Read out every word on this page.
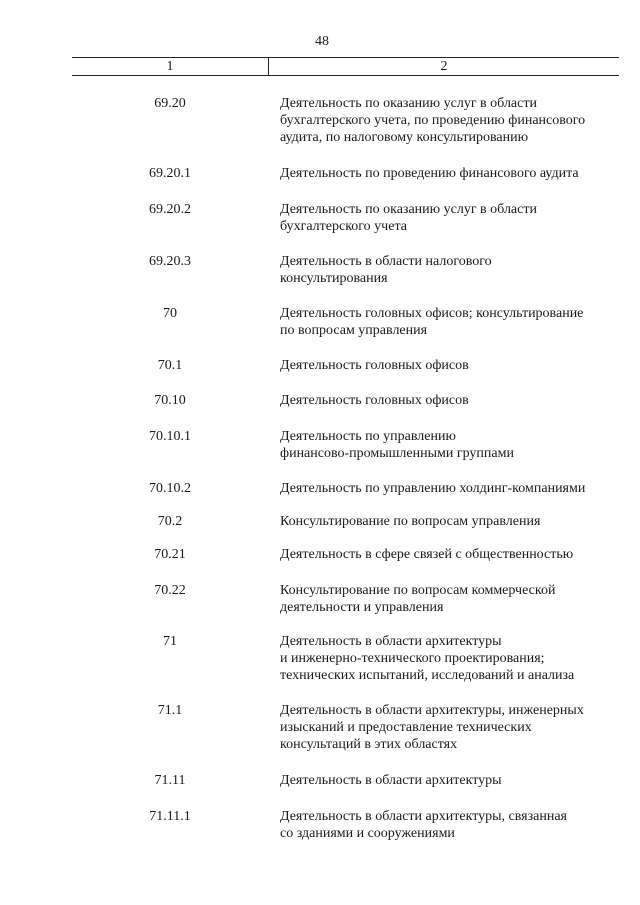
48
1	2
69.20	Деятельность по оказанию услуг в области
бухгалтерского учета, по проведению финансового
аудита, по налоговому консультированию
69.20.1	Деятельность по проведению финансового аудита
69.20.2	Деятельность по оказанию услуг в области
бухгалтерского учета
69.20.3	Деятельность в области налогового
консультирования
70	Деятельность головных офисов; консультирование
по вопросам управления
70.1	Деятельность головных офисов
70.10	Деятельность головных офисов
70.10.1	Деятельность по управлению
финансово-промышленными группами
70.10.2	Деятельность по управлению холдинг-компаниями
70.2	Консультирование по вопросам управления
70.21	Деятельность в сфере связей с общественностью
70.22	Консультирование по вопросам коммерческой
деятельности и управления
71	Деятельность в области архитектуры
и инженерно-технического проектирования;
технических испытаний, исследований и анализа
71.1	Деятельность в области архитектуры, инженерных
изысканий и предоставление технических
консультаций в этих областях
71.11	Деятельность в области архитектуры
71.11.1	Деятельность в области архитектуры, связанная
со зданиями и сооружениями
